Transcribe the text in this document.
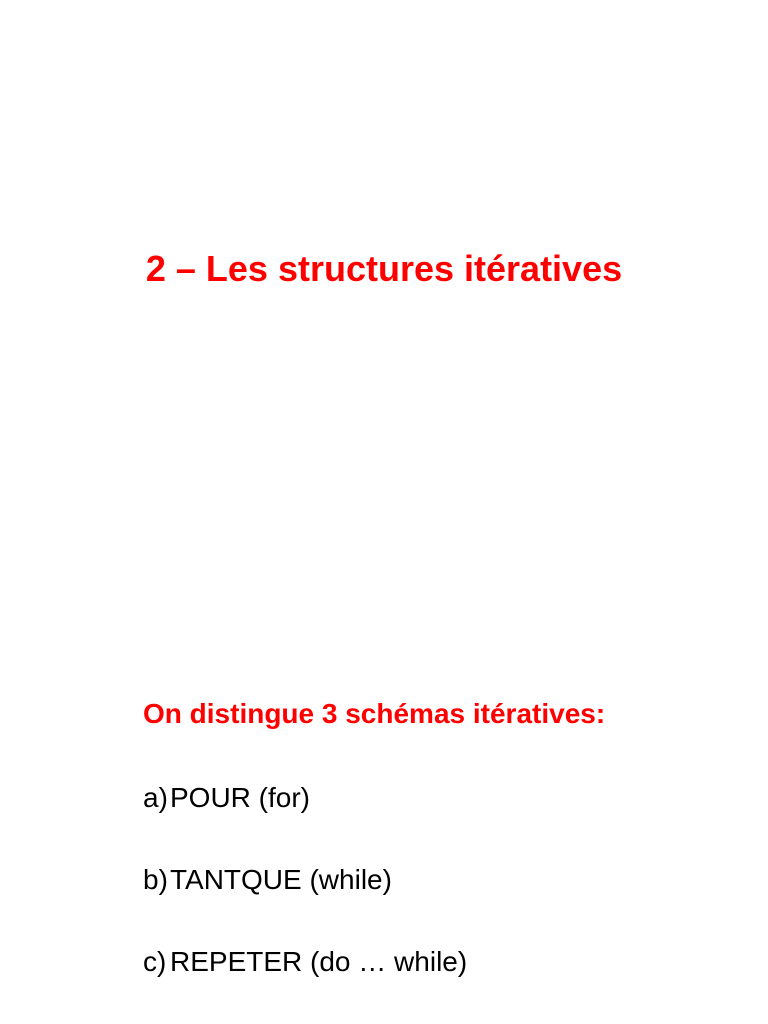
2 – Les structures itératives
On distingue 3 schémas itératives:
a)POUR (for)
b)TANTQUE (while)
c) REPETER (do … while)
